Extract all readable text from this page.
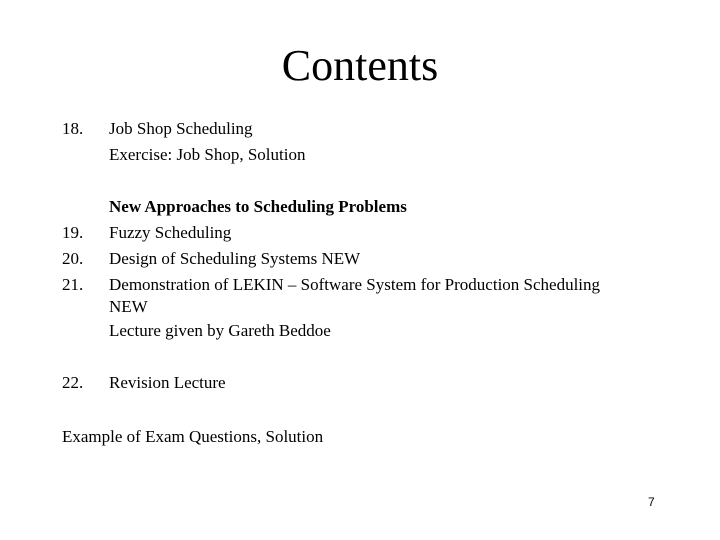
Contents
18. Job Shop Scheduling
Exercise: Job Shop, Solution
New Approaches to Scheduling Problems
19. Fuzzy Scheduling
20. Design of Scheduling Systems NEW
21. Demonstration of LEKIN – Software System for Production Scheduling
NEW
Lecture given by Gareth Beddoe
22. Revision Lecture
Example of Exam Questions, Solution
7
